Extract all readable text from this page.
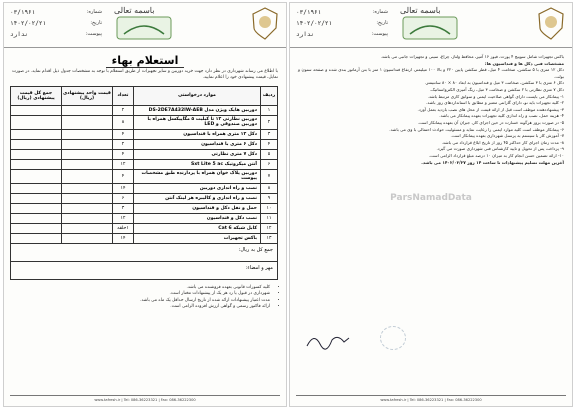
باسمه تعالی
شماره:
۰۳/۱۹۶۱
تاریخ:
۱۴۰۲/۰۲/۲۱
پیوست:
ندارد
استعلام بهاء
با اطلاع می رساند شهرداری در نظر دارد جهت خرید دوربین و سایر تجهیزات از طریق استعلام با توجه به مشخصات جدول ذیل اقدام نماید. در صورت تمایل، قیمت پیشنهادی خود را اعلام نمایید.
ردیف	موارد درخواستی	تعداد	قیمت واحد پیشنهادی (ریال)	جمع کل قیمت پیشنهادی (ریال)
۱	دوربین هایک ویژن مدل DS-2DE7A432IW-AEB	۲		
۲	دوربین نظارتی ۱۲ تا کیلیت ۵ مگاپیکسل همراه با دوربین صندوقی و LED	۸		
۳	دکل ۱۲ متری همراه با فنداسیون	۴		
۴	دکل ۶ متری با فنداسیون	۲		
۵	دکل ۷ متری نظارتی	۴		
۶	آنتن میکروتیک Sxt Lite 5 ac	۱۲		
۷	دوربین پلاک خوان همراه با پردازنده طبق مشخصات پیوست	۴		
۸	نصب و راه اندازی دوربین	۱۴		
۹	نصب و راه اندازی و کالیبره هر لینک آنتن	۶		
۱۰	حمل و نقل دکل و فنداسیون	۳		
۱۱	نصب دکل و فنداسیون	۱۲		
۱۲	کابل شبکه Cat 6	۱حلقه		
۱۳	باکس تجهیزات	۱۴		
جمع کل به ریال:
مهر و امضاء:
• کلیه کسورات قانونی بعهده فروشنده می باشد.
• شهرداری در قبول یا رد هر یک از پیشنهادات مختار است.
• مدت اعتبار پیشنهادات ارائه شده از تاریخ ارسال حداقل یک ماه می باشد.
• ارائه فاکتور رسمی و گواهی ارزش افزوده الزامی است.
www.tafresh.ir | Tel: 086-36223321 | Fax: 086-36222300
باسمه تعالی
شماره:
۰۳/۱۹۶۱
تاریخ:
۱۴۰۲/۰۲/۲۱
پیوست:
ندارد

باکس تجهیزات شامل سوییچ ۴ پورت، فیوز ۱۶ آمپر، محافظ ولتاژ، چراغ، سینی و تجهیزات جانبی می باشد.

مشخصات فنی دکل ها و فنداسیون ها:

دکل ۱۲ متری با ۵ سکشن، ضخامت ۴ میل، قطر سکشن پایین ۲۲۰ و بالا ۱۰۰ میلیمتر، ارتفاع فنداسیون ۱ متر با بتن آرماتور بندی شده و صفحه ستون و بولت.

دکل ۶ متری با ۳ سکشن، ضخامت ۳ میل و فنداسیون به ابعاد ۸۰ × ۸۰ سانتیمتر.

دکل ۷ متری نظارتی با ۲ سکشن و ضخامت ۳ میل، رنگ آمیزی الکترواستاتیک.

۱- پیمانکار می بایست دارای گواهی صلاحیت ایمنی و سوابق کاری مرتبط باشد.

۲- کلیه تجهیزات باید نو، دارای گارانتی معتبر و مطابق با استانداردهای روز باشد.

۳- پیشنهاددهنده موظف است قبل از ارائه قیمت از محل های نصب بازدید بعمل آورد.

۴- هزینه حمل، نصب و راه اندازی کلیه تجهیزات بعهده پیمانکار می باشد.

۵- در صورت بروز هرگونه خسارت در حین اجرای کار، جبران آن بعهده پیمانکار است.

۶- پیمانکار موظف است کلیه موارد ایمنی را رعایت نماید و مسئولیت حوادث احتمالی با وی می باشد.

۷- آموزش کار با سیستم به پرسنل شهرداری بعهده پیمانکار است.

۸- مدت زمان اجرای کار حداکثر ۴۵ روز از تاریخ ابلاغ قرارداد می باشد.

۹- پرداخت پس از تحویل و تایید کارشناس فنی شهرداری صورت می گیرد.

۱۰- ارائه تضمین حسن انجام کار به میزان ۱۰ درصد مبلغ قرارداد الزامی است.

آخرین مهلت تسلیم پیشنهادات تا ساعت ۱۴ روز ۱۴۰۲/۰۲/۲۷ می باشد.

ParsNamadData
www.tafresh.ir | Tel: 086-36223321 | Fax: 086-36222300
